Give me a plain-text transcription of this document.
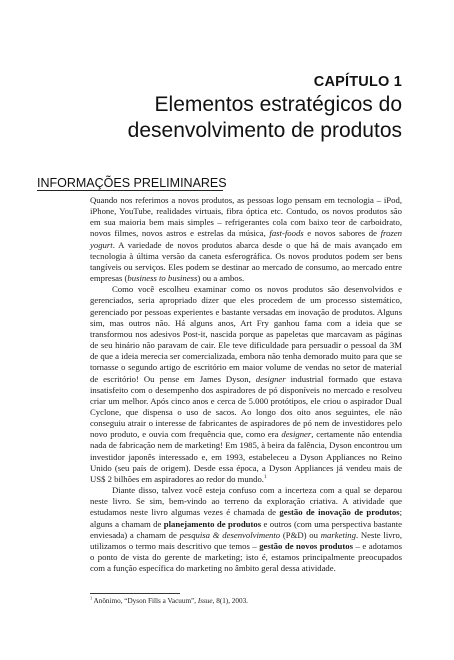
CAPÍTULO 1
Elementos estratégicos do
desenvolvimento de produtos
INFORMAÇÕES PRELIMINARES

Quando nos referimos a novos produtos, as pessoas logo pensam em tecnologia – iPod, iPhone, YouTube, realidades virtuais, fibra óptica etc. Contudo, os novos produtos são em sua maioria bem mais simples – refrigerantes cola com baixo teor de carboidrato, novos filmes, novos astros e estrelas da música, fast-foods e novos sabores de frozen yogurt. A variedade de novos produtos abarca desde o que há de mais avançado em tecnologia à última versão da caneta esferográfica. Os novos produtos podem ser bens tangíveis ou serviços. Eles podem se destinar ao mercado de consumo, ao mercado entre empresas (business to business) ou a ambos.

Como você escolheu examinar como os novos produtos são desenvolvidos e gerenciados, seria apropriado dizer que eles procedem de um processo sistemático, gerenciado por pessoas experientes e bastante versadas em inovação de produtos. Alguns sim, mas outros não. Há alguns anos, Art Fry ganhou fama com a ideia que se transformou nos adesivos Post-it, nascida porque as papeletas que marcavam as páginas de seu hinário não paravam de cair. Ele teve dificuldade para persuadir o pessoal da 3M de que a ideia merecia ser comercializada, embora não tenha demorado muito para que se tornasse o segundo artigo de escritório em maior volume de vendas no setor de material de escritório! Ou pense em James Dyson, designer industrial formado que estava insatisfeito com o desempenho dos aspiradores de pó disponíveis no mercado e resolveu criar um melhor. Após cinco anos e cerca de 5.000 protótipos, ele criou o aspirador Dual Cyclone, que dispensa o uso de sacos. Ao longo dos oito anos seguintes, ele não conseguiu atrair o interesse de fabricantes de aspiradores de pó nem de investidores pelo novo produto, e ouvia com frequência que, como era designer, certamente não entendia nada de fabricação nem de marketing! Em 1985, à beira da falência, Dyson encontrou um investidor japonês interessado e, em 1993, estabeleceu a Dyson Appliances no Reino Unido (seu país de origem). Desde essa época, a Dyson Appliances já vendeu mais de US$ 2 bilhões em aspiradores ao redor do mundo.$^1$

Diante disso, talvez você esteja confuso com a incerteza com a qual se deparou neste livro. Se sim, bem-vindo ao terreno da exploração criativa. A atividade que estudamos neste livro algumas vezes é chamada de gestão de inovação de produtos; alguns a chamam de planejamento de produtos e outros (com uma perspectiva bastante enviesada) a chamam de pesquisa & desenvolvimento (P&D) ou marketing. Neste livro, utilizamos o termo mais descritivo que temos – gestão de novos produtos – e adotamos o ponto de vista do gerente de marketing; isto é, estamos principalmente preocupados com a função específica do marketing no âmbito geral dessa atividade.

$^1$ Anônimo, “Dyson Fills a Vacuum”, Issue, 8(1), 2003.
